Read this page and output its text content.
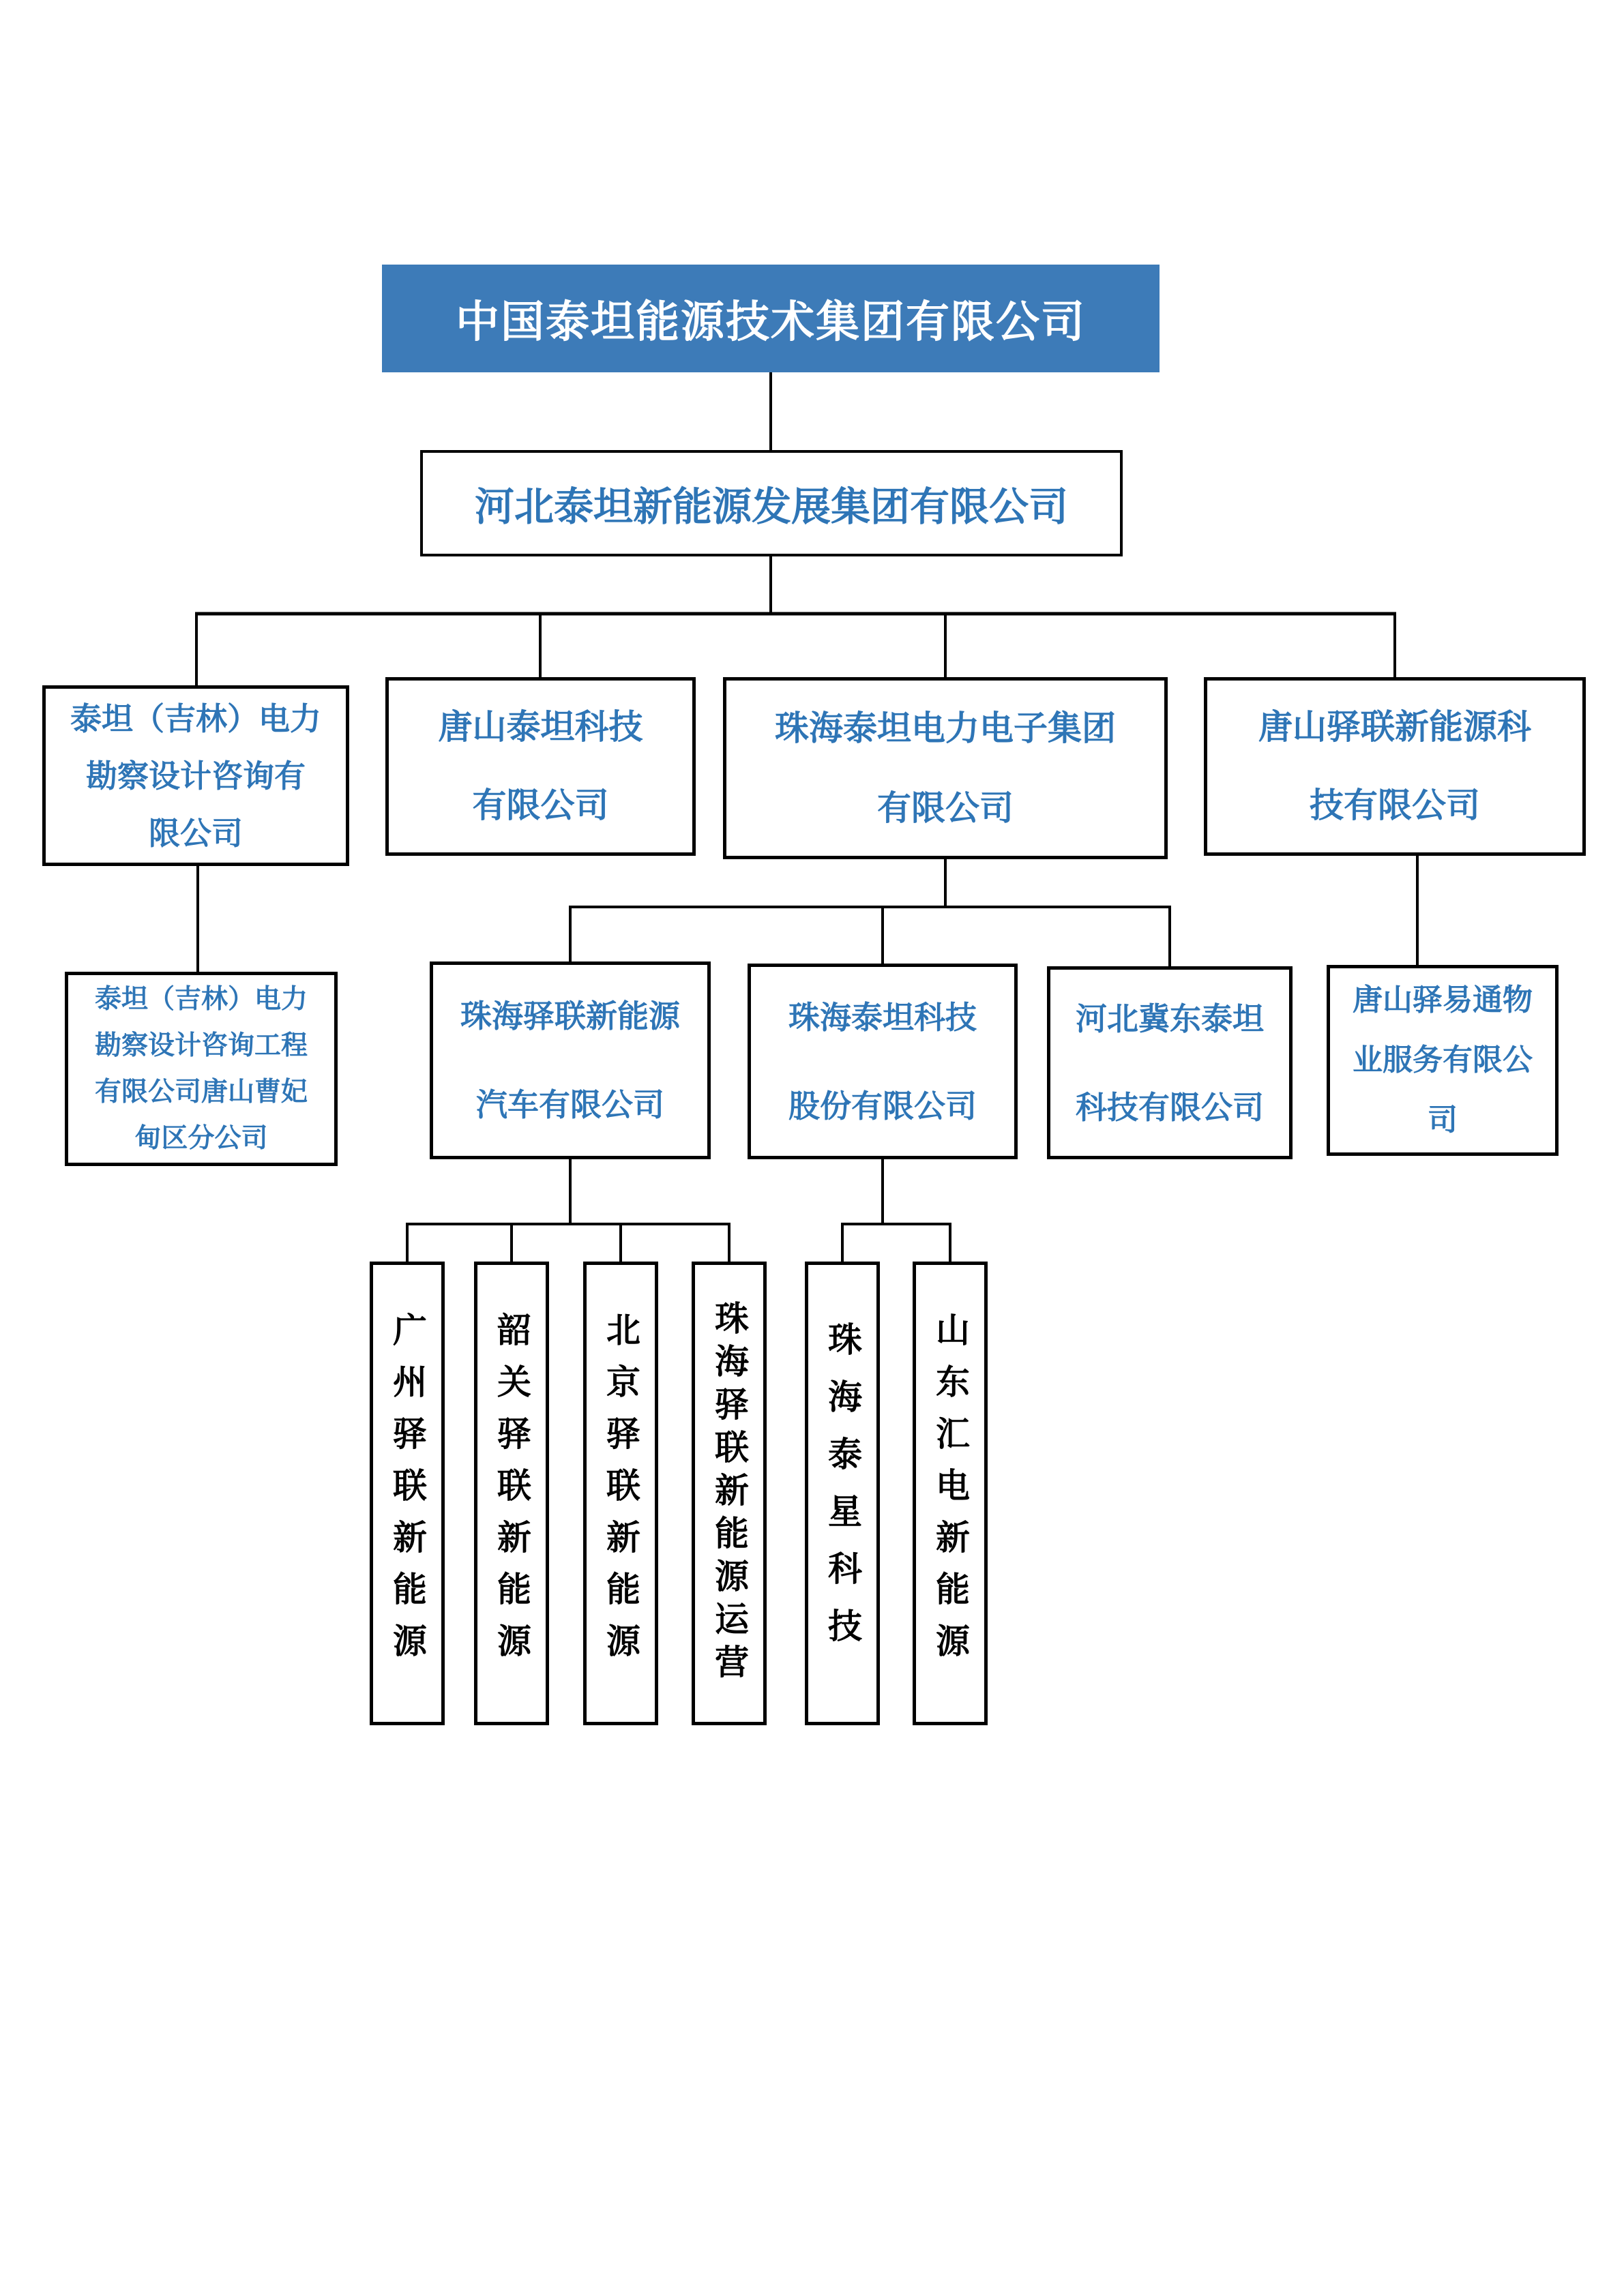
中国泰坦能源技术集团有限公司
河北泰坦新能源发展集团有限公司
泰坦（吉林）电力
勘察设计咨询有
限公司
唐山泰坦科技
有限公司
珠海泰坦电力电子集团
有限公司
唐山驿联新能源科
技有限公司
泰坦（吉林）电力
勘察设计咨询工程
有限公司唐山曹妃
甸区分公司
珠海驿联新能源
汽车有限公司
珠海泰坦科技
股份有限公司
河北冀东泰坦
科技有限公司
唐山驿易通物
业服务有限公
司
广州驿联新能源 韶关驿联新能源 北京驿联新能源 珠海驿联新能源运营 珠海泰星科技 山东汇电新能源
